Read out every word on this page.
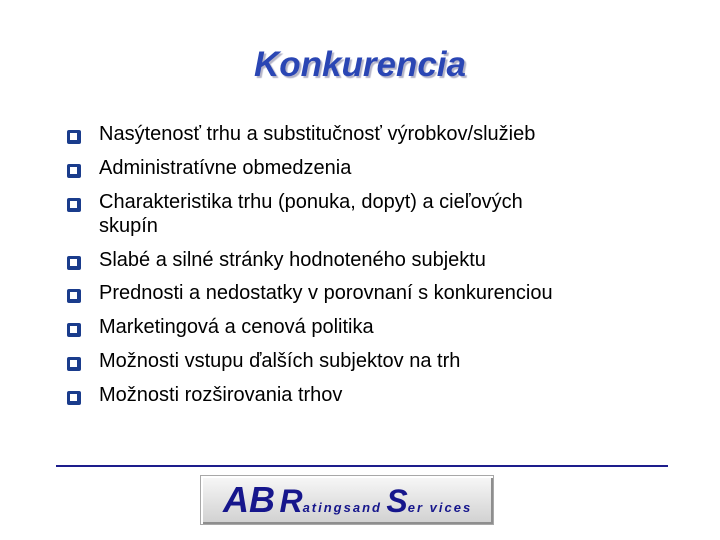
Konkurencia
Nasýtenosť trhu a substitučnosť výrobkov/služieb
Administratívne obmedzenia
Charakteristika trhu (ponuka, dopyt) a cieľových
skupín
Slabé a silné stránky hodnoteného subjektu
Prednosti a nedostatky v porovnaní s konkurenciou
Marketingová a cenová politika
Možnosti vstupu ďalších subjektov na trh
Možnosti rozširovania trhov
AB Ratingsand Ser vices
